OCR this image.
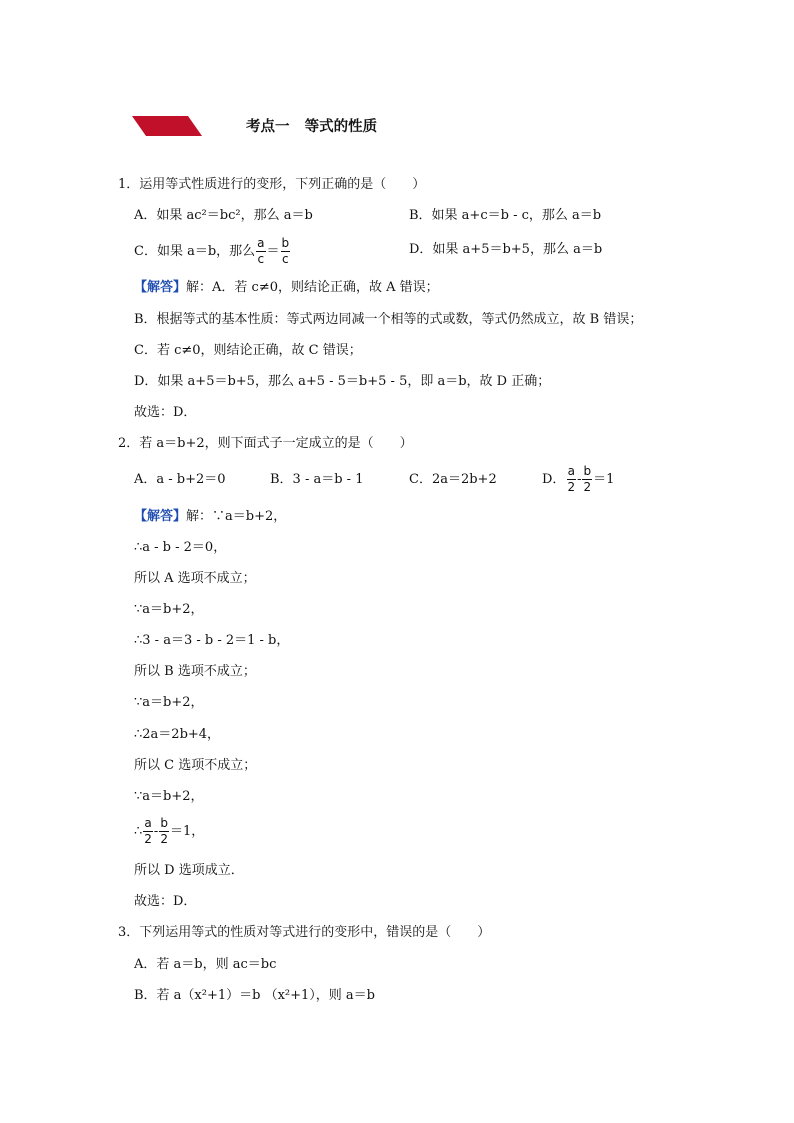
考点一   等式的性质
1．运用等式性质进行的变形，下列正确的是（　　）
A．如果 ac²＝bc²，那么 a＝b	B．如果 a+c＝b - c，那么 a＝b
C．如果 a＝b，那么 $\frac{a}{c} = \frac{b}{c}$	D．如果 a+5＝b+5，那么 a＝b
【解答】解：A．若 c≠0，则结论正确，故 A 错误；
B．根据等式的基本性质：等式两边同减一个相等的式或数，等式仍然成立，故 B 错误；
C．若 c≠0，则结论正确，故 C 错误；
D．如果 a+5＝b+5，那么 a+5 - 5＝b+5 - 5，即 a＝b，故 D 正确；
故选：D．
2．若 a＝b+2，则下面式子一定成立的是（　　）
A．a - b+2＝0	B．3 - a＝b - 1	C．2a＝2b+2	D． $\frac{a}{2} - \frac{b}{2} =1$
【解答】解：∵a＝b+2，
∴a - b - 2＝0，
所以 A 选项不成立；
∵a＝b+2，
∴3 - a＝3 - b - 2＝1 - b，
所以 B 选项不成立；
∵a＝b+2，
∴2a＝2b+4，
所以 C 选项不成立；
∵a＝b+2，
∴ $\frac{a}{2} - \frac{b}{2} =1$，
所以 D 选项成立．
故选：D．
3．下列运用等式的性质对等式进行的变形中，错误的是（　　）
A．若 a＝b，则 ac＝bc
B．若 a（x²+1）＝b （x²+1），则 a＝b
